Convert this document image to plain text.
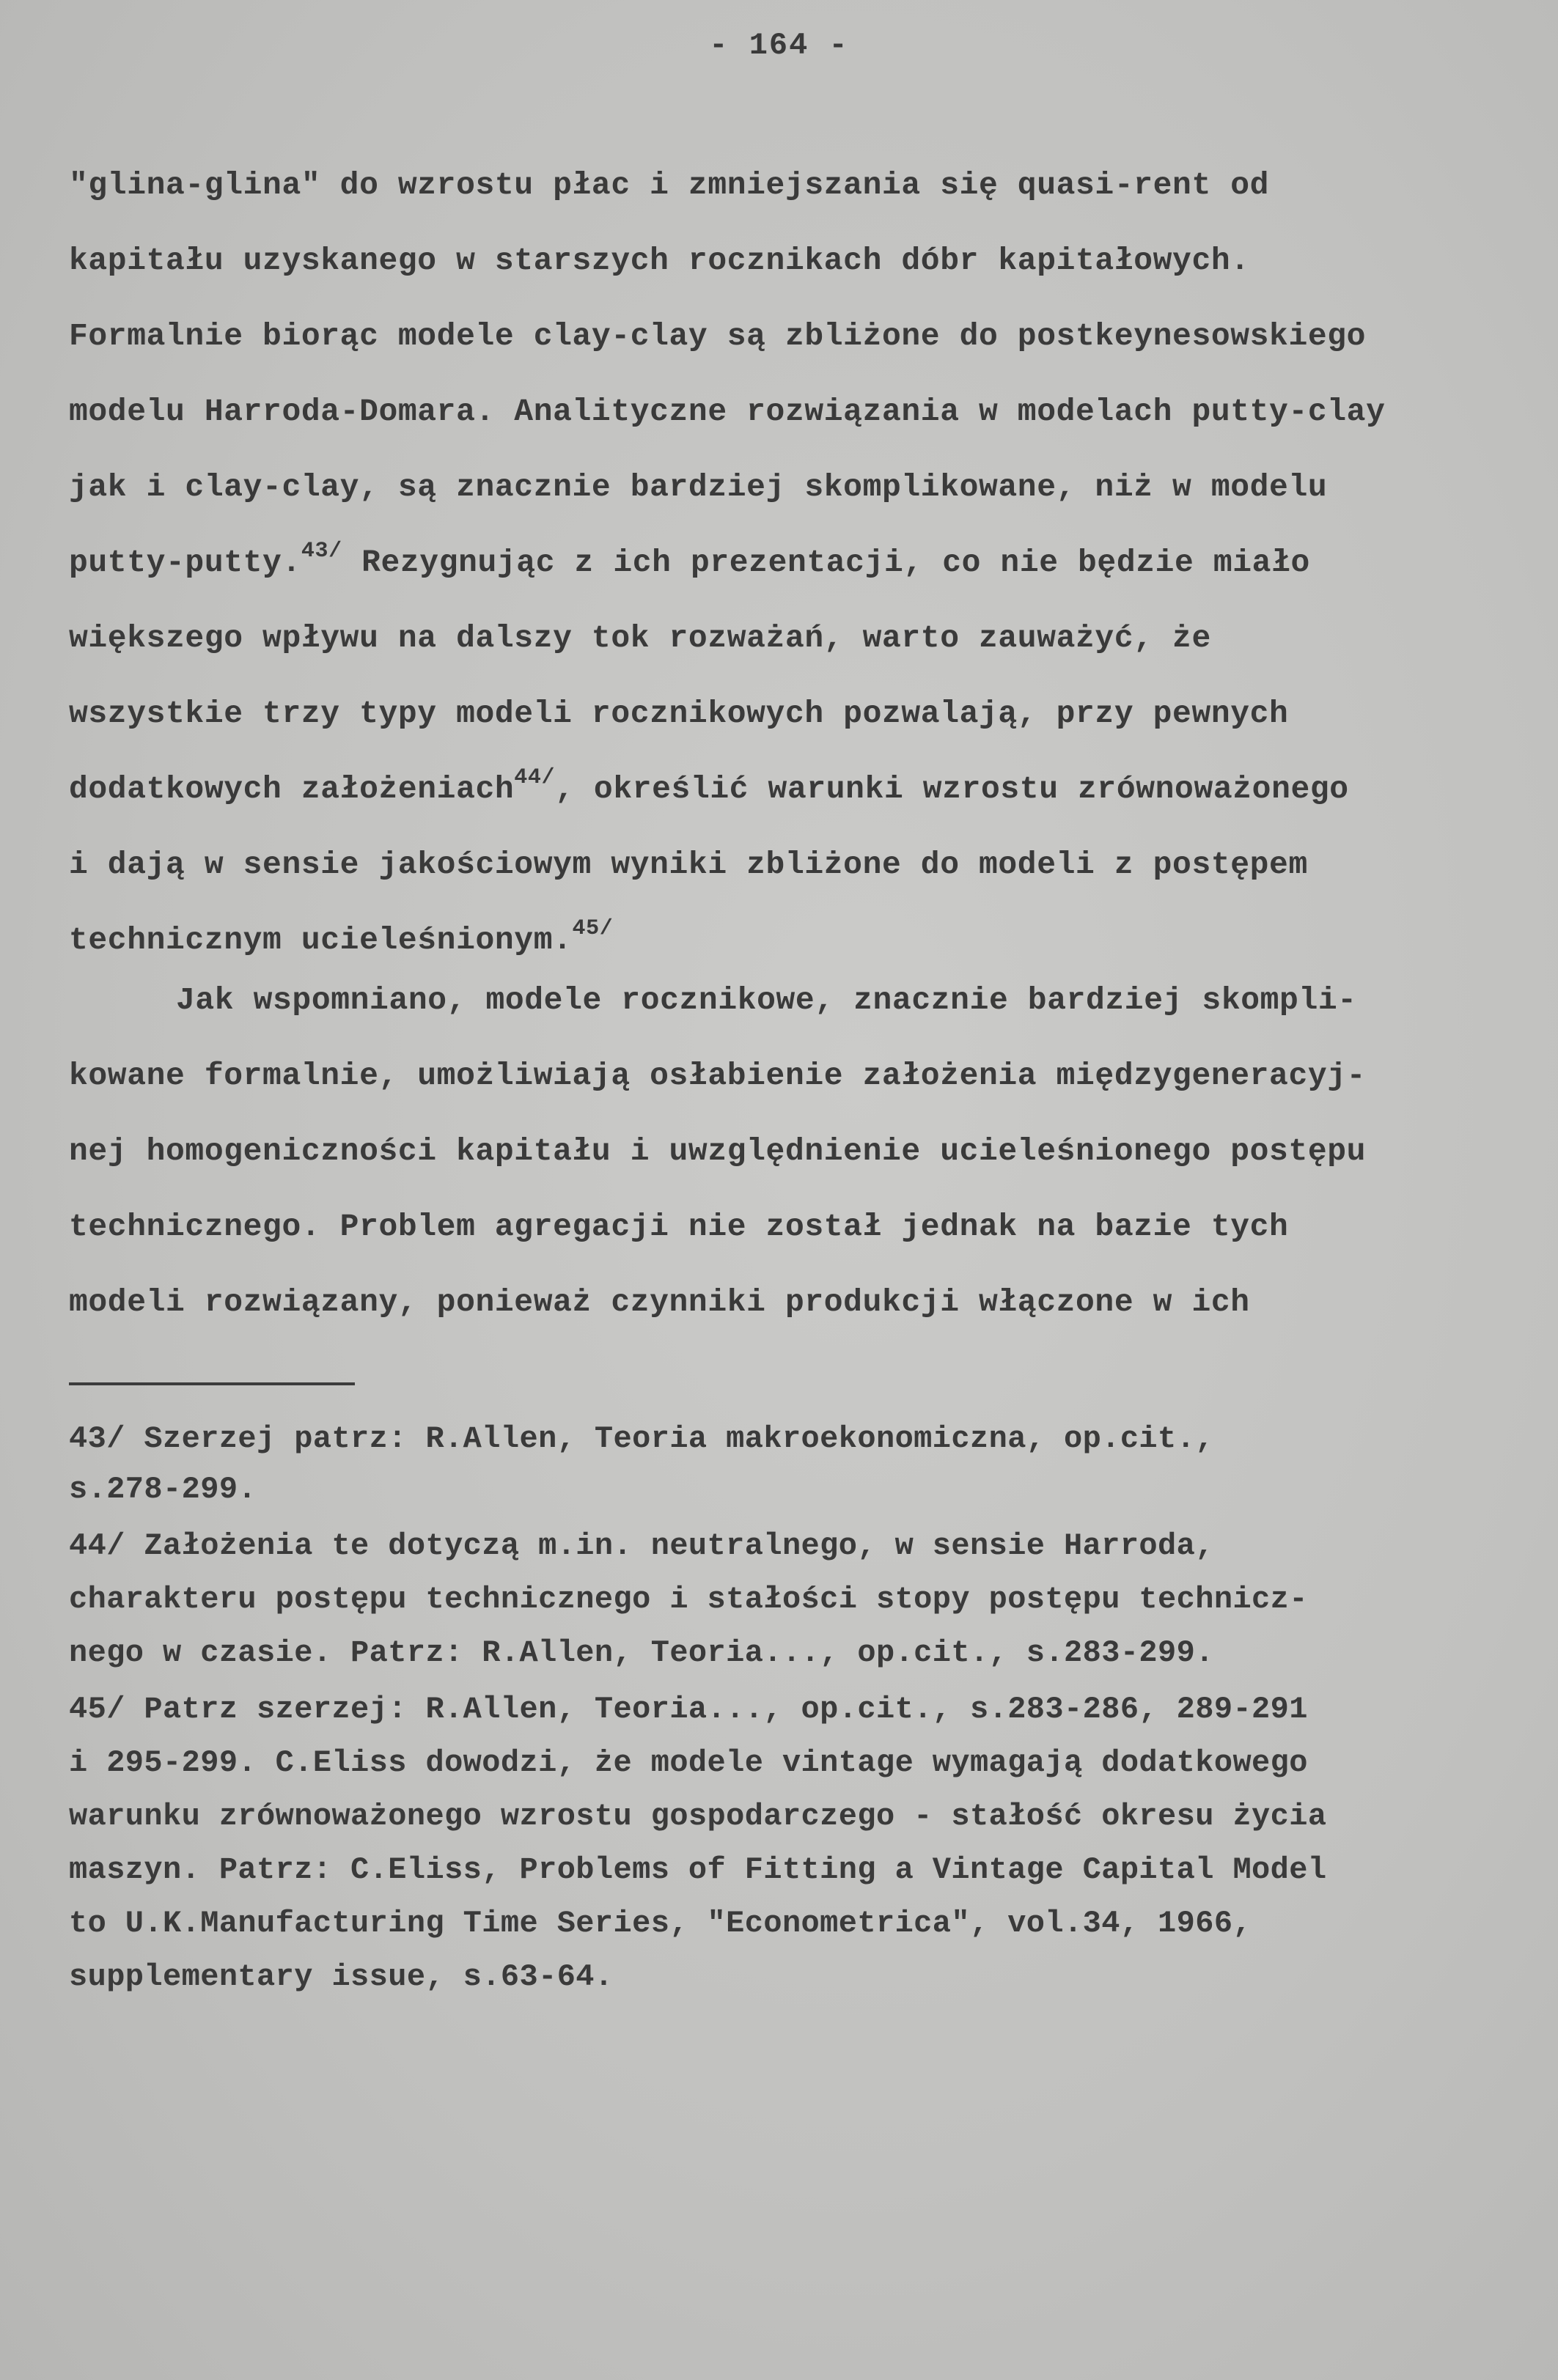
- 164 -
"glina-glina" do wzrostu płac i zmniejszania się quasi-rent od
kapitału uzyskanego w starszych rocznikach dóbr kapitałowych.
Formalnie biorąc modele clay-clay są zbliżone do postkeynesowskiego
modelu Harroda-Domara. Analityczne rozwiązania w modelach putty-clay
jak i clay-clay, są znacznie bardziej skomplikowane, niż w modelu
putty-putty.$^{43/}$ Rezygnując z ich prezentacji, co nie będzie miało
większego wpływu na dalszy tok rozważań, warto zauważyć, że
wszystkie trzy typy modeli rocznikowych pozwalają, przy pewnych
dodatkowych założeniach$^{44/}$, określić warunki wzrostu zrównoważonego
i dają w sensie jakościowym wyniki zbliżone do modeli z postępem
technicznym ucieleśnionym.$^{45/}$
Jak wspomniano, modele rocznikowe, znacznie bardziej skompli-
kowane formalnie, umożliwiają osłabienie założenia międzygeneracyj-
nej homogeniczności kapitału i uwzględnienie ucieleśnionego postępu
technicznego. Problem agregacji nie został jednak na bazie tych
modeli rozwiązany, ponieważ czynniki produkcji włączone w ich
43/ Szerzej patrz: R.Allen, Teoria makroekonomiczna, op.cit.,
s.278-299.
44/ Założenia te dotyczą m.in. neutralnego, w sensie Harroda,
charakteru postępu technicznego i stałości stopy postępu technicz-
nego w czasie. Patrz: R.Allen, Teoria..., op.cit., s.283-299.
45/ Patrz szerzej: R.Allen, Teoria..., op.cit., s.283-286, 289-291
i 295-299. C.Eliss dowodzi, że modele vintage wymagają dodatkowego
warunku zrównoważonego wzrostu gospodarczego - stałość okresu życia
maszyn. Patrz: C.Eliss, Problems of Fitting a Vintage Capital Model
to U.K.Manufacturing Time Series, "Econometrica", vol.34, 1966,
supplementary issue, s.63-64.
